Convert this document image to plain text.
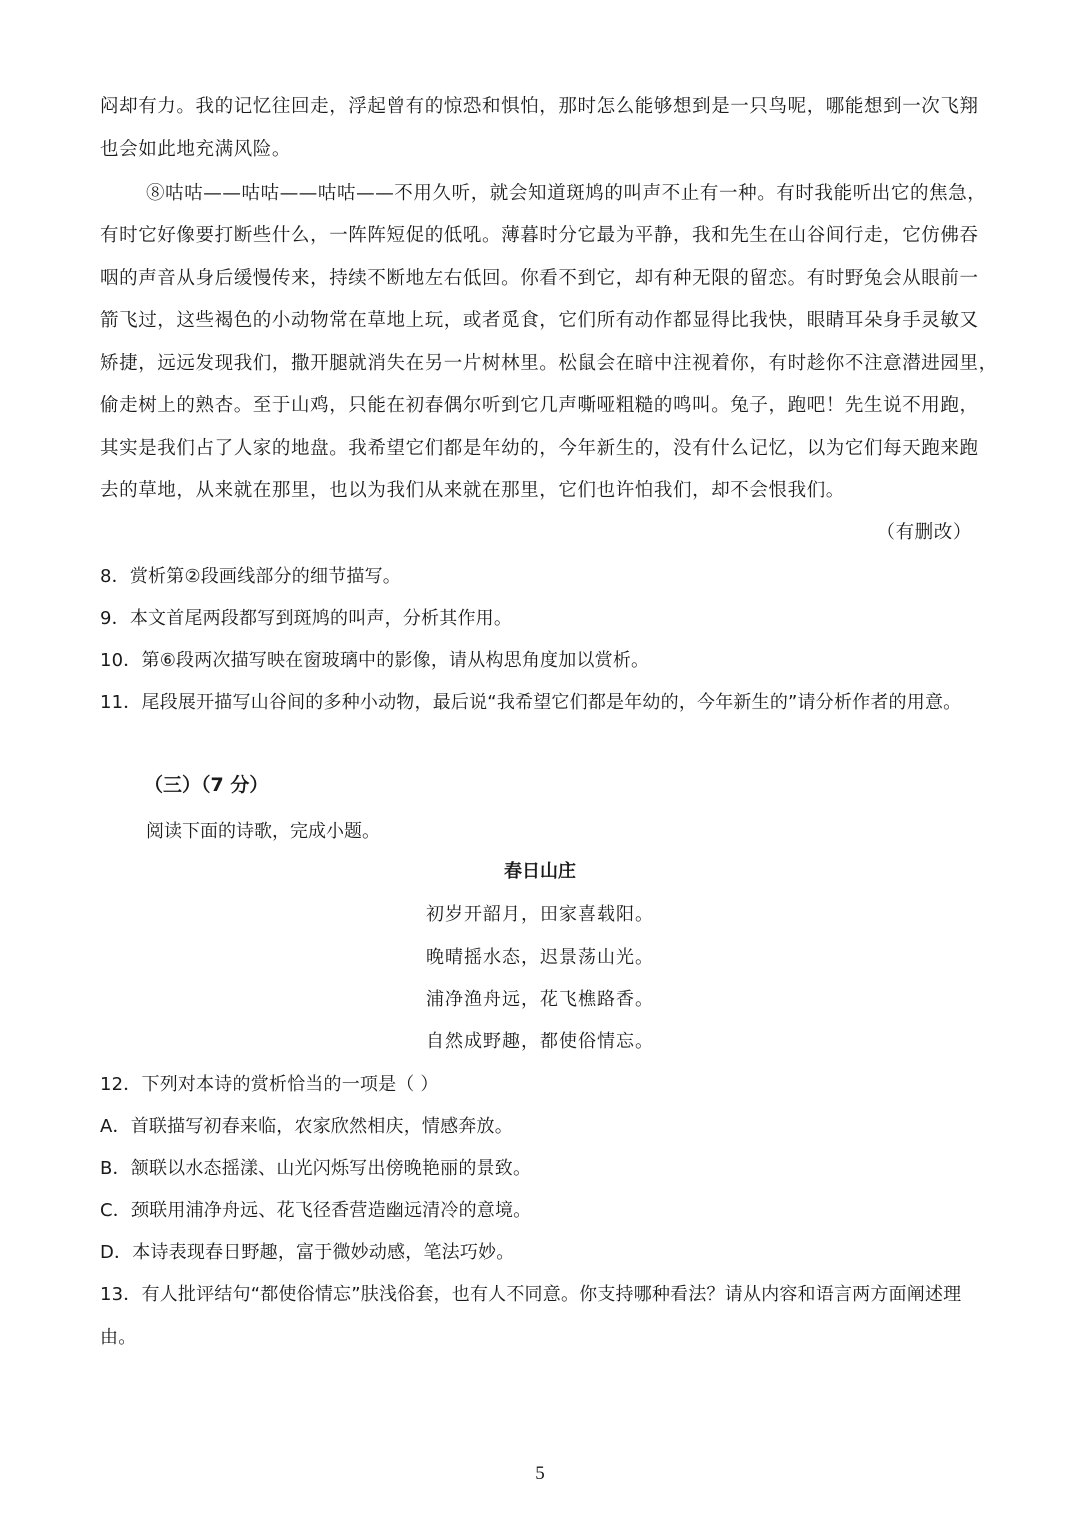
闷却有力。我的记忆往回走，浮起曾有的惊恐和惧怕，那时怎么能够想到是一只鸟呢，哪能想到一次飞翔
也会如此地充满风险。
⑧咕咕——咕咕——咕咕——不用久听，就会知道斑鸠的叫声不止有一种。有时我能听出它的焦急，
有时它好像要打断些什么，一阵阵短促的低吼。薄暮时分它最为平静，我和先生在山谷间行走，它仿佛吞
咽的声音从身后缓慢传来，持续不断地左右低回。你看不到它，却有种无限的留恋。有时野兔会从眼前一
箭飞过，这些褐色的小动物常在草地上玩，或者觅食，它们所有动作都显得比我快，眼睛耳朵身手灵敏又
矫捷，远远发现我们，撒开腿就消失在另一片树林里。松鼠会在暗中注视着你，有时趁你不注意潜进园里，
偷走树上的熟杏。至于山鸡，只能在初春偶尔听到它几声嘶哑粗糙的鸣叫。兔子，跑吧！先生说不用跑，
其实是我们占了人家的地盘。我希望它们都是年幼的，今年新生的，没有什么记忆，以为它们每天跑来跑
去的草地，从来就在那里，也以为我们从来就在那里，它们也许怕我们，却不会恨我们。
（有删改）
8．赏析第②段画线部分的细节描写。
9．本文首尾两段都写到斑鸠的叫声，分析其作用。
10．第⑥段两次描写映在窗玻璃中的影像，请从构思角度加以赏析。
11．尾段展开描写山谷间的多种小动物，最后说“我希望它们都是年幼的，今年新生的”请分析作者的用意。
（三）（7 分）
阅读下面的诗歌，完成小题。
春日山庄
初岁开韶月，田家喜载阳。
晚晴摇水态，迟景荡山光。
浦净渔舟远，花飞樵路香。
自然成野趣，都使俗情忘。
12．下列对本诗的赏析恰当的一项是（ ）
A．首联描写初春来临，农家欣然相庆，情感奔放。
B．颔联以水态摇漾、山光闪烁写出傍晚艳丽的景致。
C．颈联用浦净舟远、花飞径香营造幽远清冷的意境。
D．本诗表现春日野趣，富于微妙动感，笔法巧妙。
13．有人批评结句“都使俗情忘”肤浅俗套，也有人不同意。你支持哪种看法？请从内容和语言两方面阐述理
由。
5
